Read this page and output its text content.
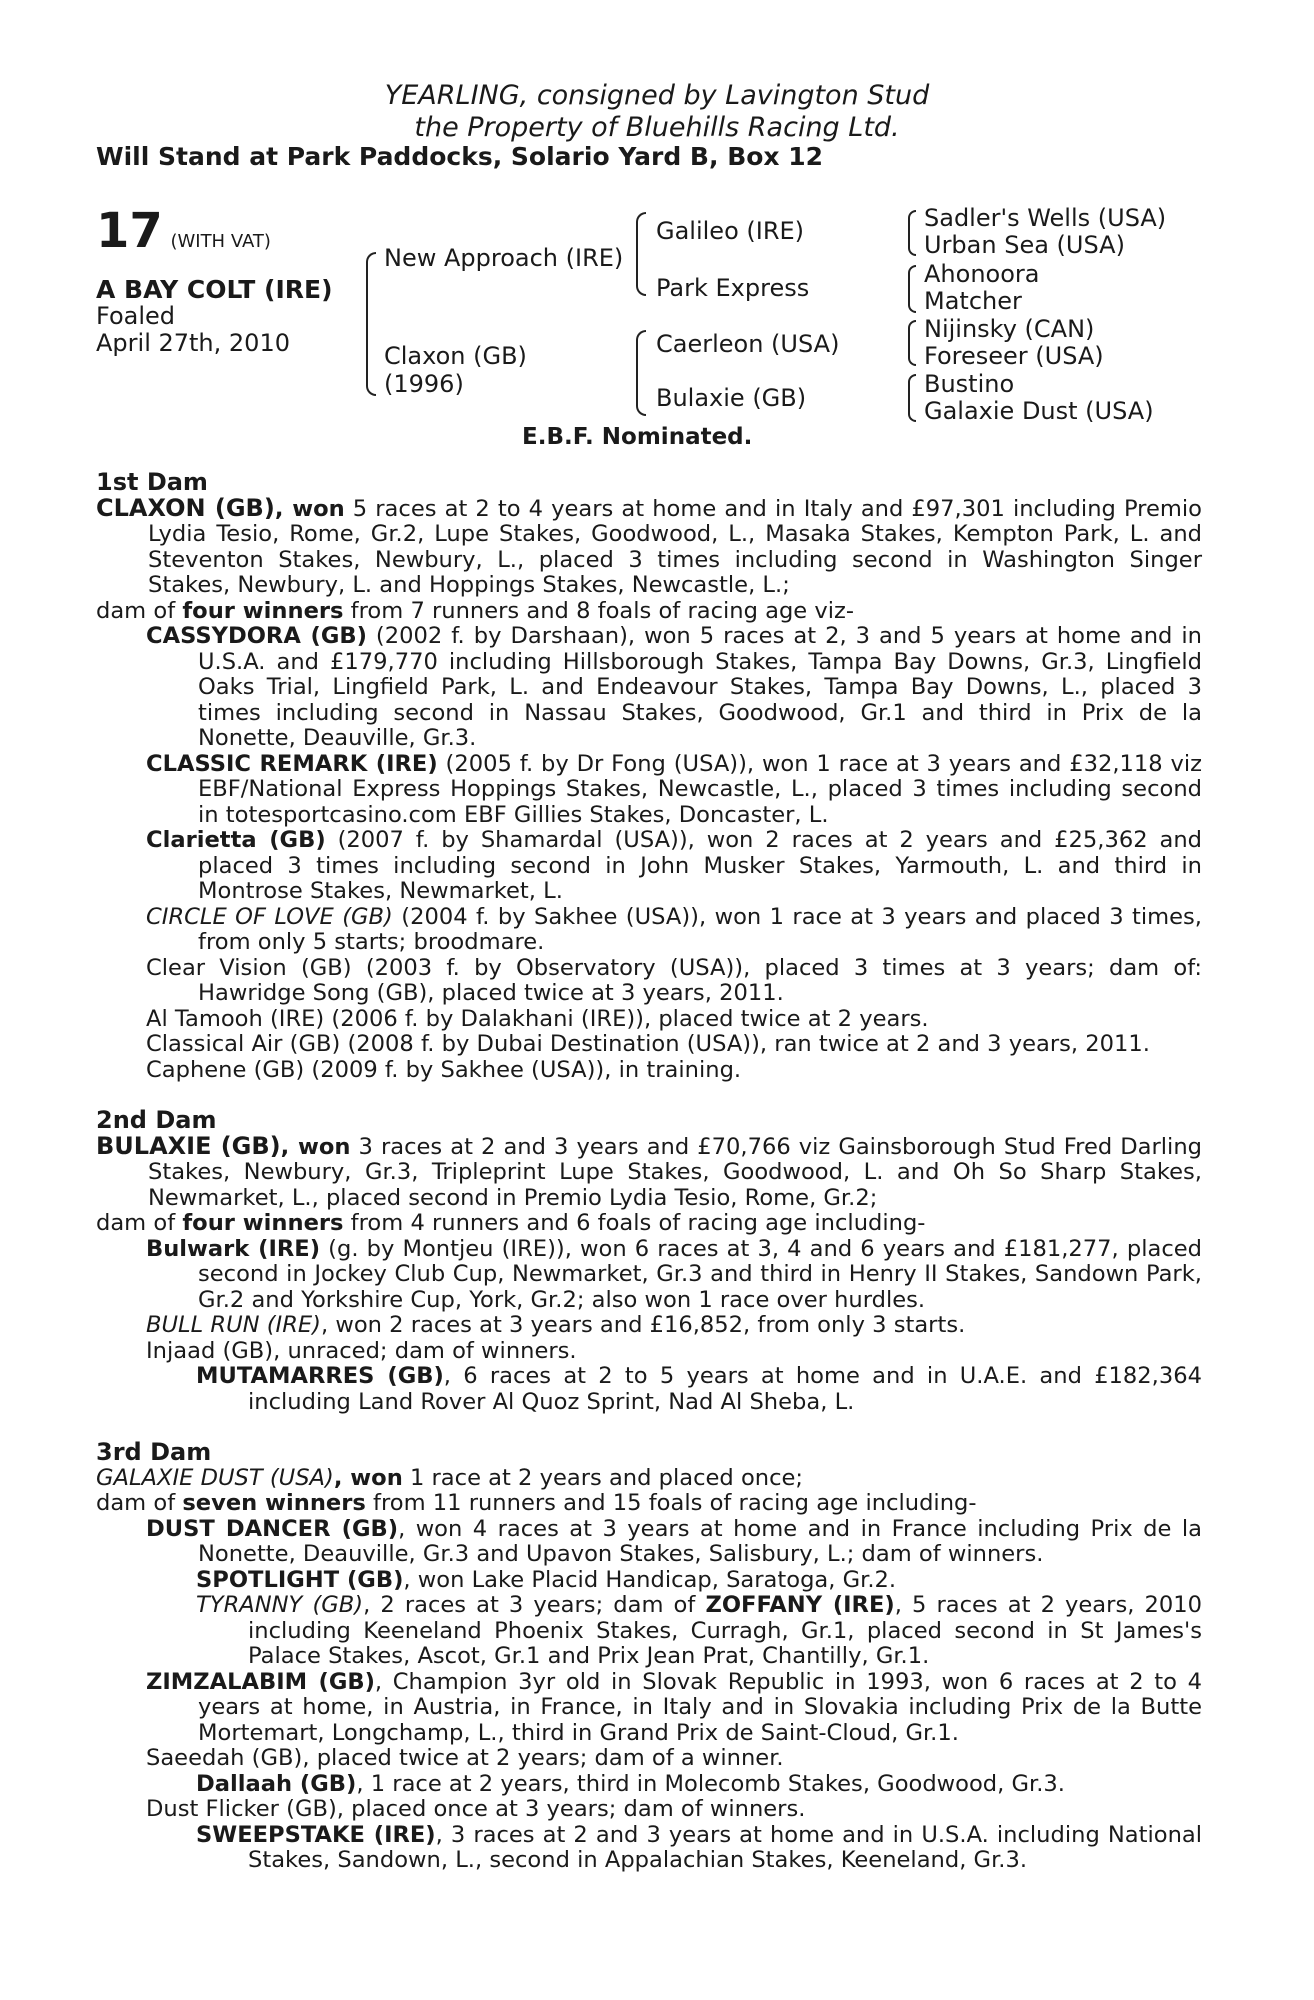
YEARLING, consigned by Lavington Stud
the Property of Bluehills Racing Ltd.
Will Stand at Park Paddocks, Solario Yard B, Box 12
17 (WITH VAT)
A BAY COLT (IRE)
Foaled
April 27th, 2010
New Approach (IRE)
Claxon (GB)
(1996)
Galileo (IRE)
Park Express
Caerleon (USA)
Bulaxie (GB)
Sadler's Wells (USA)
Urban Sea (USA)
Ahonoora
Matcher
Nijinsky (CAN)
Foreseer (USA)
Bustino
Galaxie Dust (USA)
E.B.F. Nominated.
1st Dam

CLAXON (GB), won 5 races at 2 to 4 years at home and in Italy and £97,301 including Premio Lydia Tesio, Rome, Gr.2, Lupe Stakes, Goodwood, L., Masaka Stakes, Kempton Park, L. and Steventon Stakes, Newbury, L., placed 3 times including second in Washington Singer Stakes, Newbury, L. and Hoppings Stakes, Newcastle, L.;

dam of four winners from 7 runners and 8 foals of racing age viz-

CASSYDORA (GB) (2002 f. by Darshaan), won 5 races at 2, 3 and 5 years at home and in U.S.A. and £179,770 including Hillsborough Stakes, Tampa Bay Downs, Gr.3, Lingfield Oaks Trial, Lingfield Park, L. and Endeavour Stakes, Tampa Bay Downs, L., placed 3 times including second in Nassau Stakes, Goodwood, Gr.1 and third in Prix de la Nonette, Deauville, Gr.3.

CLASSIC REMARK (IRE) (2005 f. by Dr Fong (USA)), won 1 race at 3 years and £32,118 viz EBF/National Express Hoppings Stakes, Newcastle, L., placed 3 times including second in totesportcasino.com EBF Gillies Stakes, Doncaster, L.

Clarietta (GB) (2007 f. by Shamardal (USA)), won 2 races at 2 years and £25,362 and placed 3 times including second in John Musker Stakes, Yarmouth, L. and third in Montrose Stakes, Newmarket, L.

CIRCLE OF LOVE (GB) (2004 f. by Sakhee (USA)), won 1 race at 3 years and placed 3 times, from only 5 starts; broodmare.

Clear Vision (GB) (2003 f. by Observatory (USA)), placed 3 times at 3 years; dam of: Hawridge Song (GB), placed twice at 3 years, 2011.

Al Tamooh (IRE) (2006 f. by Dalakhani (IRE)), placed twice at 2 years.

Classical Air (GB) (2008 f. by Dubai Destination (USA)), ran twice at 2 and 3 years, 2011.

Caphene (GB) (2009 f. by Sakhee (USA)), in training.

2nd Dam

BULAXIE (GB), won 3 races at 2 and 3 years and £70,766 viz Gainsborough Stud Fred Darling Stakes, Newbury, Gr.3, Tripleprint Lupe Stakes, Goodwood, L. and Oh So Sharp Stakes, Newmarket, L., placed second in Premio Lydia Tesio, Rome, Gr.2;

dam of four winners from 4 runners and 6 foals of racing age including-

Bulwark (IRE) (g. by Montjeu (IRE)), won 6 races at 3, 4 and 6 years and £181,277, placed second in Jockey Club Cup, Newmarket, Gr.3 and third in Henry II Stakes, Sandown Park, Gr.2 and Yorkshire Cup, York, Gr.2; also won 1 race over hurdles.

BULL RUN (IRE), won 2 races at 3 years and £16,852, from only 3 starts.

Injaad (GB), unraced; dam of winners.

MUTAMARRES (GB), 6 races at 2 to 5 years at home and in U.A.E. and £182,364 including Land Rover Al Quoz Sprint, Nad Al Sheba, L.

3rd Dam

GALAXIE DUST (USA), won 1 race at 2 years and placed once;

dam of seven winners from 11 runners and 15 foals of racing age including-

DUST DANCER (GB), won 4 races at 3 years at home and in France including Prix de la Nonette, Deauville, Gr.3 and Upavon Stakes, Salisbury, L.; dam of winners.

SPOTLIGHT (GB), won Lake Placid Handicap, Saratoga, Gr.2.

TYRANNY (GB), 2 races at 3 years; dam of ZOFFANY (IRE), 5 races at 2 years, 2010 including Keeneland Phoenix Stakes, Curragh, Gr.1, placed second in St James's Palace Stakes, Ascot, Gr.1 and Prix Jean Prat, Chantilly, Gr.1.

ZIMZALABIM (GB), Champion 3yr old in Slovak Republic in 1993, won 6 races at 2 to 4 years at home, in Austria, in France, in Italy and in Slovakia including Prix de la Butte Mortemart, Longchamp, L., third in Grand Prix de Saint-Cloud, Gr.1.

Saeedah (GB), placed twice at 2 years; dam of a winner.

Dallaah (GB), 1 race at 2 years, third in Molecomb Stakes, Goodwood, Gr.3.

Dust Flicker (GB), placed once at 3 years; dam of winners.

SWEEPSTAKE (IRE), 3 races at 2 and 3 years at home and in U.S.A. including National Stakes, Sandown, L., second in Appalachian Stakes, Keeneland, Gr.3.
